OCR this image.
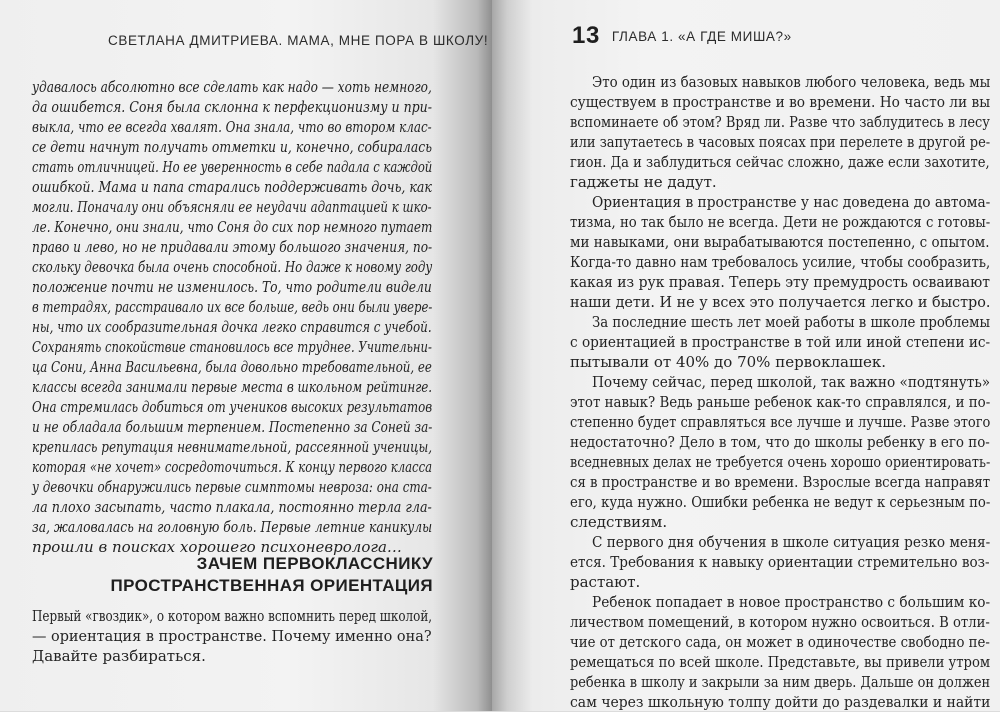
СВЕТЛАНА ДМИТРИЕВА. МАМА, МНЕ ПОРА В ШКОЛУ!
удавалось абсолютно все сделать как надо — хоть немного,
да ошибется. Соня была склонна к перфекционизму и при-
выкла, что ее всегда хвалят. Она знала, что во втором клас-
се дети начнут получать отметки и, конечно, собиралась
стать отличницей. Но ее уверенность в себе падала с каждой
ошибкой. Мама и папа старались поддерживать дочь, как
могли. Поначалу они объясняли ее неудачи адаптацией к шко-
ле. Конечно, они знали, что Соня до сих пор немного путает
право и лево, но не придавали этому большого значения, по-
скольку девочка была очень способной. Но даже к новому году
положение почти не изменилось. То, что родители видели
в тетрадях, расстраивало их все больше, ведь они были увере-
ны, что их сообразительная дочка легко справится с учебой.
Сохранять спокойствие становилось все труднее. Учительни-
ца Сони, Анна Васильевна, была довольно требовательной, ее
классы всегда занимали первые места в школьном рейтинге.
Она стремилась добиться от учеников высоких результатов
и не обладала большим терпением. Постепенно за Соней за-
крепилась репутация невнимательной, рассеянной ученицы,
которая «не хочет» сосредоточиться. К концу первого класса
у девочки обнаружились первые симптомы невроза: она ста-
ла плохо засыпать, часто плакала, постоянно терла гла-
за, жаловалась на головную боль. Первые летние каникулы
прошли в поисках хорошего психоневролога…
ЗАЧЕМ ПЕРВОКЛАССНИКУ
ПРОСТРАНСТВЕННАЯ ОРИЕНТАЦИЯ
Первый «гвоздик», о котором важно вспомнить перед школой,
— ориентация в пространстве. Почему именно она?
Давайте разбираться.
13 ГЛАВА 1. «А ГДЕ МИША?»
Это один из базовых навыков любого человека, ведь мы
существуем в пространстве и во времени. Но часто ли вы
вспоминаете об этом? Вряд ли. Разве что заблудитесь в лесу
или запутаетесь в часовых поясах при перелете в другой ре-
гион. Да и заблудиться сейчас сложно, даже если захотите,
гаджеты не дадут.
Ориентация в пространстве у нас доведена до автома-
тизма, но так было не всегда. Дети не рождаются с готовы-
ми навыками, они вырабатываются постепенно, с опытом.
Когда-то давно нам требовалось усилие, чтобы сообразить,
какая из рук правая. Теперь эту премудрость осваивают
наши дети. И не у всех это получается легко и быстро.
За последние шесть лет моей работы в школе проблемы
с ориентацией в пространстве в той или иной степени ис-
пытывали от 40% до 70% первоклашек.
Почему сейчас, перед школой, так важно «подтянуть»
этот навык? Ведь раньше ребенок как-то справлялся, и по-
степенно будет справляться все лучше и лучше. Разве этого
недостаточно? Дело в том, что до школы ребенку в его по-
вседневных делах не требуется очень хорошо ориентировать-
ся в пространстве и во времени. Взрослые всегда направят
его, куда нужно. Ошибки ребенка не ведут к серьезным по-
следствиям.
С первого дня обучения в школе ситуация резко меня-
ется. Требования к навыку ориентации стремительно воз-
растают.
Ребенок попадает в новое пространство с большим ко-
личеством помещений, в котором нужно освоиться. В отли-
чие от детского сада, он может в одиночестве свободно пе-
ремещаться по всей школе. Представьте, вы привели утром
ребенка в школу и закрыли за ним дверь. Дальше он должен
сам через школьную толпу дойти до раздевалки и найти
